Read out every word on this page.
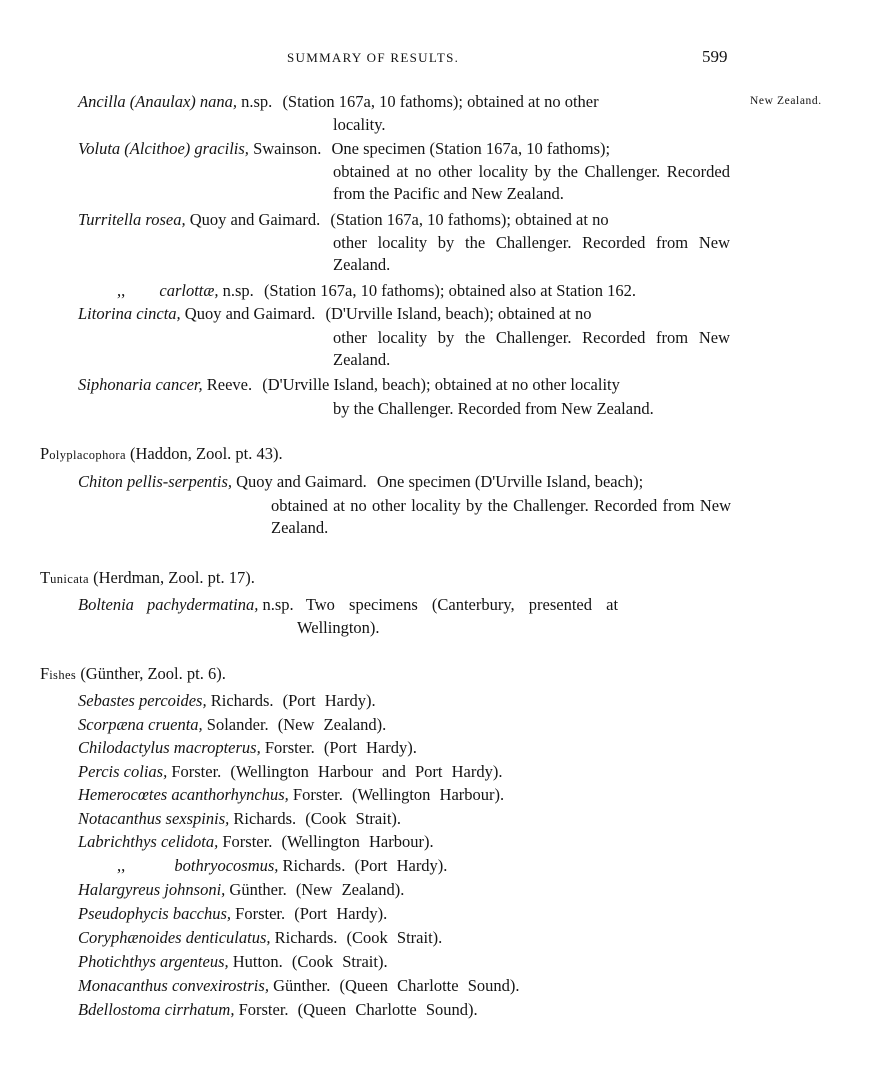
SUMMARY OF RESULTS.	599
New Zealand.
Ancilla (Anaulax) nana, n.sp. (Station 167a, 10 fathoms); obtained at no other
locality.
Voluta (Alcithoe) gracilis, Swainson. One specimen (Station 167a, 10 fathoms);
obtained at no other locality by the Challenger. Recorded from the Pacific and New Zealand.
Turritella rosea, Quoy and Gaimard. (Station 167a, 10 fathoms); obtained at no
other locality by the Challenger. Recorded from New Zealand.
,, carlottæ, n.sp. (Station 167a, 10 fathoms); obtained also at Station 162.
Litorina cincta, Quoy and Gaimard. (D'Urville Island, beach); obtained at no
other locality by the Challenger. Recorded from New Zealand.
Siphonaria cancer, Reeve. (D'Urville Island, beach); obtained at no other locality
by the Challenger. Recorded from New Zealand.
Polyplacophora (Haddon, Zool. pt. 43).
Chiton pellis-serpentis, Quoy and Gaimard. One specimen (D'Urville Island, beach);
obtained at no other locality by the Challenger. Recorded from New Zealand.
Tunicata (Herdman, Zool. pt. 17).
Boltenia pachydermatina, n.sp. Two specimens (Canterbury, presented at
Wellington).
Fishes (Günther, Zool. pt. 6).
Sebastes percoides, Richards. (Port Hardy).
Scorpæna cruenta, Solander. (New Zealand).
Chilodactylus macropterus, Forster. (Port Hardy).
Percis colias, Forster. (Wellington Harbour and Port Hardy).
Hemerocœtes acanthorhynchus, Forster. (Wellington Harbour).
Notacanthus sexspinis, Richards. (Cook Strait).
Labrichthys celidota, Forster. (Wellington Harbour).
,,	bothryocosmus, Richards. (Port Hardy).
Halargyreus johnsoni, Günther. (New Zealand).
Pseudophycis bacchus, Forster. (Port Hardy).
Coryphænoides denticulatus, Richards. (Cook Strait).
Photichthys argenteus, Hutton. (Cook Strait).
Monacanthus convexirostris, Günther. (Queen Charlotte Sound).
Bdellostoma cirrhatum, Forster. (Queen Charlotte Sound).
